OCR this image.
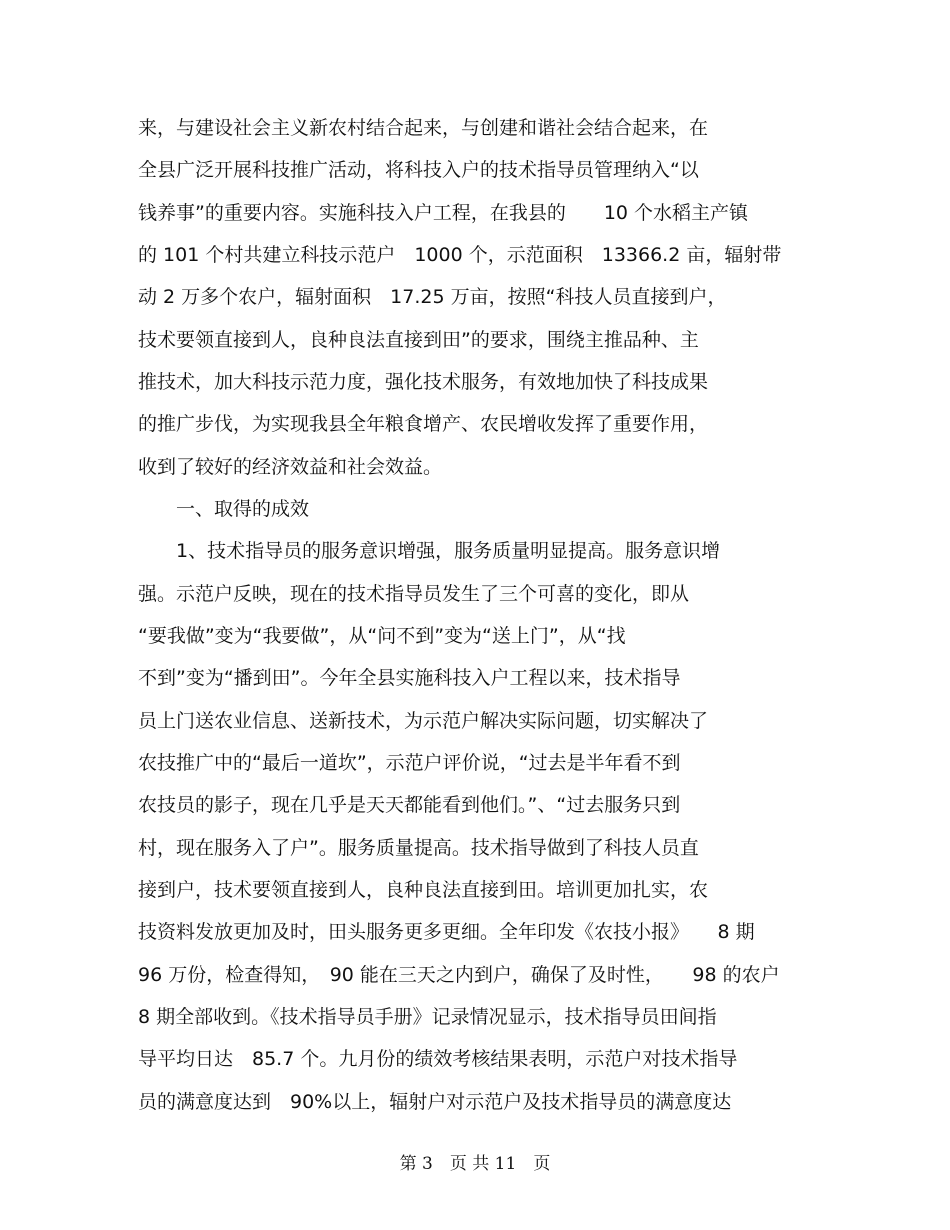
来，与建设社会主义新农村结合起来，与创建和谐社会结合起来，在
全县广泛开展科技推广活动，将科技入户的技术指导员管理纳入“以
钱养事”的重要内容。实施科技入户工程，在我县的　　10 个水稻主产镇
的 101 个村共建立科技示范户　1000 个，示范面积　13366.2 亩，辐射带
动 2 万多个农户，辐射面积　17.25 万亩，按照“科技人员直接到户，
技术要领直接到人，良种良法直接到田”的要求，围绕主推品种、主
推技术，加大科技示范力度，强化技术服务，有效地加快了科技成果
的推广步伐，为实现我县全年粮食增产、农民增收发挥了重要作用，
收到了较好的经济效益和社会效益。
　　一、取得的成效
　　1、技术指导员的服务意识增强，服务质量明显提高。服务意识增
强。示范户反映，现在的技术指导员发生了三个可喜的变化，即从
“要我做”变为“我要做”，从“问不到”变为“送上门”，从“找
不到”变为“播到田”。今年全县实施科技入户工程以来，技术指导
员上门送农业信息、送新技术，为示范户解决实际问题，切实解决了
农技推广中的“最后一道坎”，示范户评价说，“过去是半年看不到
农技员的影子，现在几乎是天天都能看到他们。”、“过去服务只到
村，现在服务入了户”。服务质量提高。技术指导做到了科技人员直
接到户，技术要领直接到人，良种良法直接到田。培训更加扎实，农
技资料发放更加及时，田头服务更多更细。全年印发《农技小报》　　8 期
96 万份，检查得知，　90 能在三天之内到户，确保了及时性，　　98 的农户
8 期全部收到。《技术指导员手册》记录情况显示，技术指导员田间指
导平均日达　85.7 个。九月份的绩效考核结果表明，示范户对技术指导
员的满意度达到　90%以上，辐射户对示范户及技术指导员的满意度达
第 3　页 共 11　页
